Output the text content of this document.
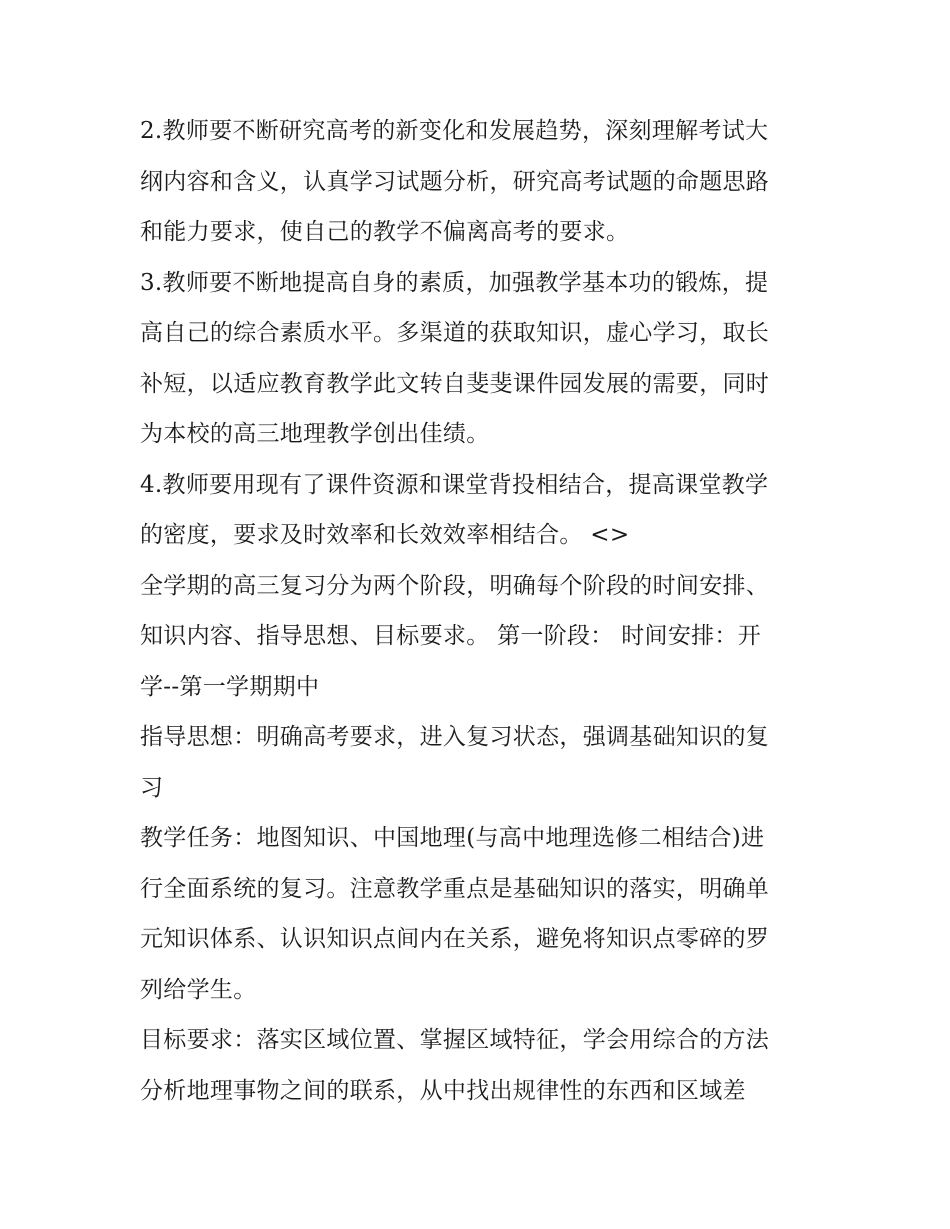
2.教师要不断研究高考的新变化和发展趋势，深刻理解考试大
纲内容和含义，认真学习试题分析，研究高考试题的命题思路
和能力要求，使自己的教学不偏离高考的要求。

3.教师要不断地提高自身的素质，加强教学基本功的锻炼，提
高自己的综合素质水平。多渠道的获取知识，虚心学习，取长
补短，以适应教育教学此文转自斐斐课件园发展的需要，同时
为本校的高三地理教学创出佳绩。

4.教师要用现有了课件资源和课堂背投相结合，提高课堂教学
的密度，要求及时效率和长效效率相结合。 <>

全学期的高三复习分为两个阶段，明确每个阶段的时间安排、
知识内容、指导思想、目标要求。 第一阶段： 时间安排：开
学--第一学期期中

指导思想：明确高考要求，进入复习状态，强调基础知识的复
习

教学任务：地图知识、中国地理(与高中地理选修二相结合)进
行全面系统的复习。注意教学重点是基础知识的落实，明确单
元知识体系、认识知识点间内在关系，避免将知识点零碎的罗
列给学生。

目标要求：落实区域位置、掌握区域特征，学会用综合的方法
分析地理事物之间的联系，从中找出规律性的东西和区域差
